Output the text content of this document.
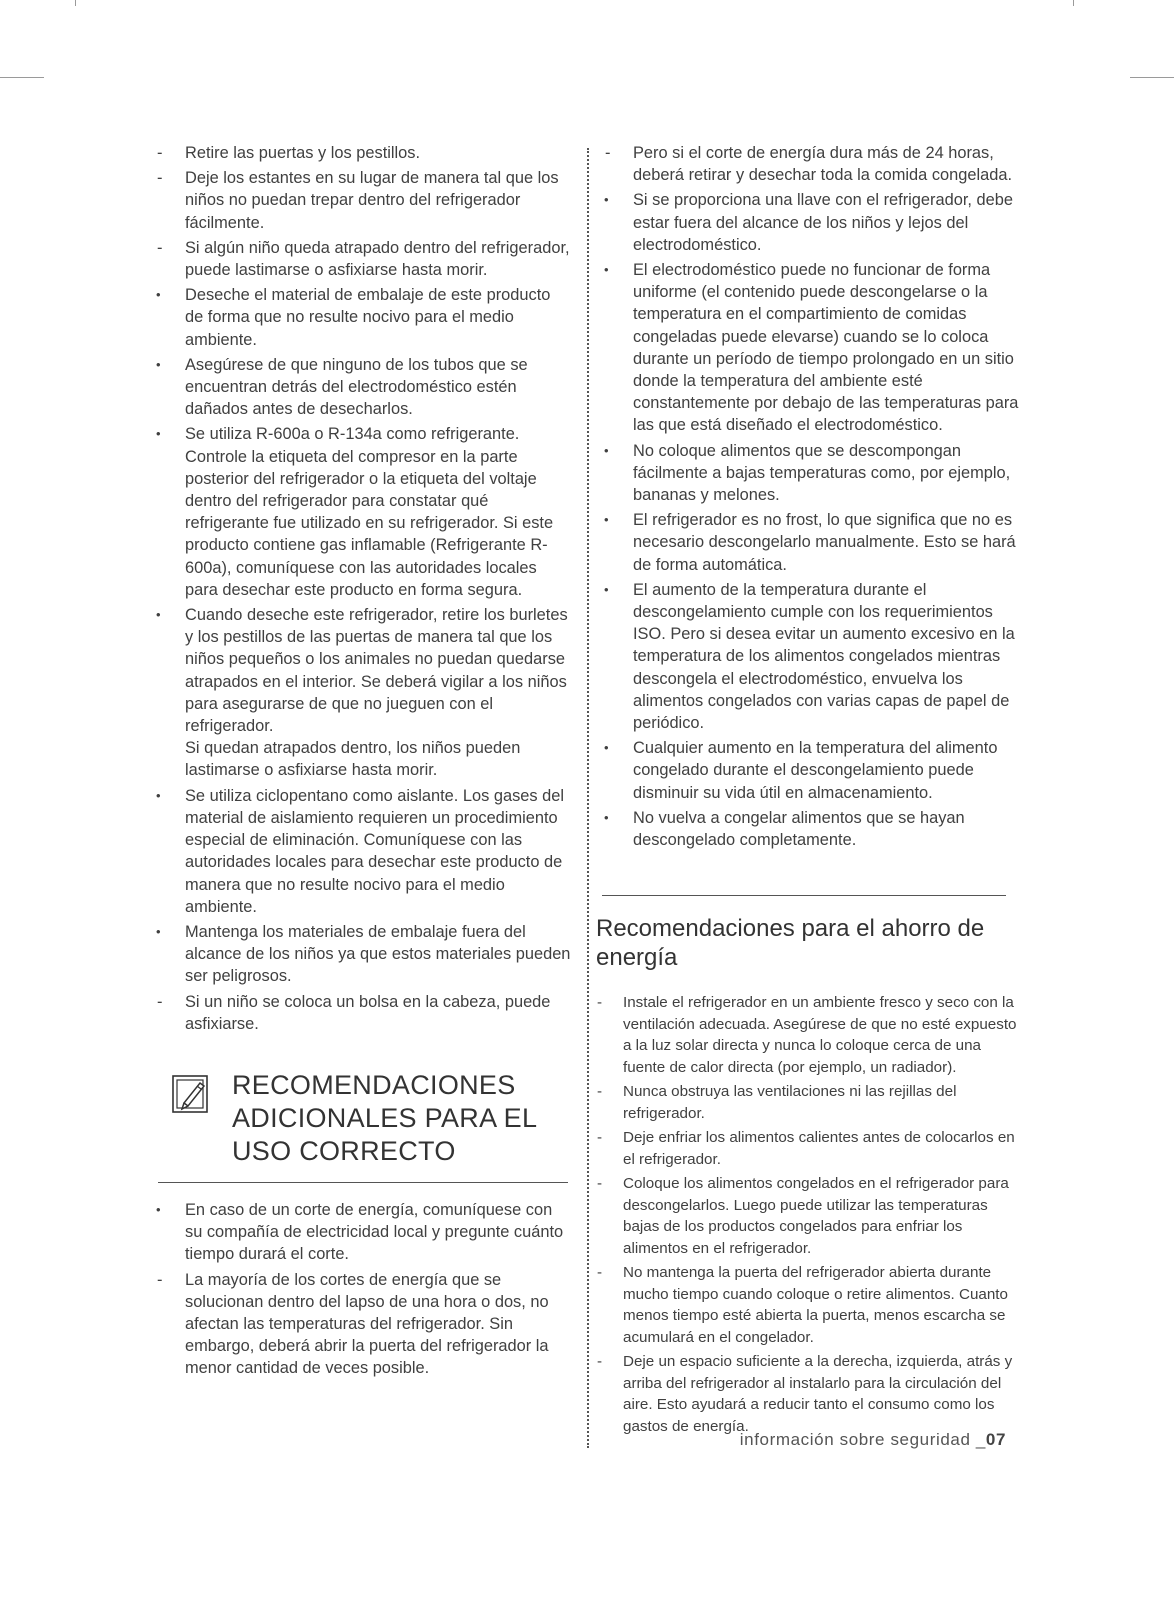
-	Retire las puertas y los pestillos.
-	Deje los estantes en su lugar de manera tal que los niños no puedan trepar dentro del refrigerador fácilmente.
-	Si algún niño queda atrapado dentro del refrigerador, puede lastimarse o asfixiarse hasta morir.
•	Deseche el material de embalaje de este producto de forma que no resulte nocivo para el medio ambiente.
•	Asegúrese de que ninguno de los tubos que se encuentran detrás del electrodoméstico estén dañados antes de desecharlos.
•	Se utiliza R-600a o R-134a como refrigerante. Controle la etiqueta del compresor en la parte posterior del refrigerador o la etiqueta del voltaje dentro del refrigerador para constatar qué refrigerante fue utilizado en su refrigerador. Si este producto contiene gas inflamable (Refrigerante R-600a), comuníquese con las autoridades locales para desechar este producto en forma segura.
•	Cuando deseche este refrigerador, retire los burletes y los pestillos de las puertas de manera tal que los niños pequeños o los animales no puedan quedarse atrapados en el interior. Se deberá vigilar a los niños para asegurarse de que no jueguen con el refrigerador.
Si quedan atrapados dentro, los niños pueden lastimarse o asfixiarse hasta morir.
•	Se utiliza ciclopentano como aislante. Los gases del material de aislamiento requieren un procedimiento especial de eliminación. Comuníquese con las autoridades locales para desechar este producto de manera que no resulte nocivo para el medio ambiente.
•	Mantenga los materiales de embalaje fuera del alcance de los niños ya que estos materiales pueden ser peligrosos.
-	Si un niño se coloca un bolsa en la cabeza, puede asfixiarse.
RECOMENDACIONES ADICIONALES PARA EL USO CORRECTO
•	En caso de un corte de energía, comuníquese con su compañía de electricidad local y pregunte cuánto tiempo durará el corte.
-	La mayoría de los cortes de energía que se solucionan dentro del lapso de una hora o dos, no afectan las temperaturas del refrigerador. Sin embargo, deberá abrir la puerta del refrigerador la menor cantidad de veces posible.
-	Pero si el corte de energía dura más de 24 horas, deberá retirar y desechar toda la comida congelada.
•	Si se proporciona una llave con el refrigerador, debe estar fuera del alcance de los niños y lejos del electrodoméstico.
•	El electrodoméstico puede no funcionar de forma uniforme (el contenido puede descongelarse o la temperatura en el compartimiento de comidas congeladas puede elevarse) cuando se lo coloca durante un período de tiempo prolongado en un sitio donde la temperatura del ambiente esté constantemente por debajo de las temperaturas para las que está diseñado el electrodoméstico.
•	No coloque alimentos que se descompongan fácilmente a bajas temperaturas como, por ejemplo, bananas y melones.
•	El refrigerador es no frost, lo que significa que no es necesario descongelarlo manualmente. Esto se hará de forma automática.
•	El aumento de la temperatura durante el descongelamiento cumple con los requerimientos ISO. Pero si desea evitar un aumento excesivo en la temperatura de los alimentos congelados mientras descongela el electrodoméstico, envuelva los alimentos congelados con varias capas de papel de periódico.
•	Cualquier aumento en la temperatura del alimento congelado durante el descongelamiento puede disminuir su vida útil en almacenamiento.
•	No vuelva a congelar alimentos que se hayan descongelado completamente.
Recomendaciones para el ahorro de energía
-	Instale el refrigerador en un ambiente fresco y seco con la ventilación adecuada. Asegúrese de que no esté expuesto a la luz solar directa y nunca lo coloque cerca de una fuente de calor directa (por ejemplo, un radiador).
-	Nunca obstruya las ventilaciones ni las rejillas del refrigerador.
-	Deje enfriar los alimentos calientes antes de colocarlos en el refrigerador.
-	Coloque los alimentos congelados en el refrigerador para descongelarlos. Luego puede utilizar las temperaturas bajas de los productos congelados para enfriar los alimentos en el refrigerador.
-	No mantenga la puerta del refrigerador abierta durante mucho tiempo cuando coloque o retire alimentos. Cuanto menos tiempo esté abierta la puerta, menos escarcha se acumulará en el congelador.
-	Deje un espacio suficiente a la derecha, izquierda, atrás y arriba del refrigerador al instalarlo para la circulación del aire. Esto ayudará a reducir tanto el consumo como los gastos de energía.
información sobre seguridad _07
